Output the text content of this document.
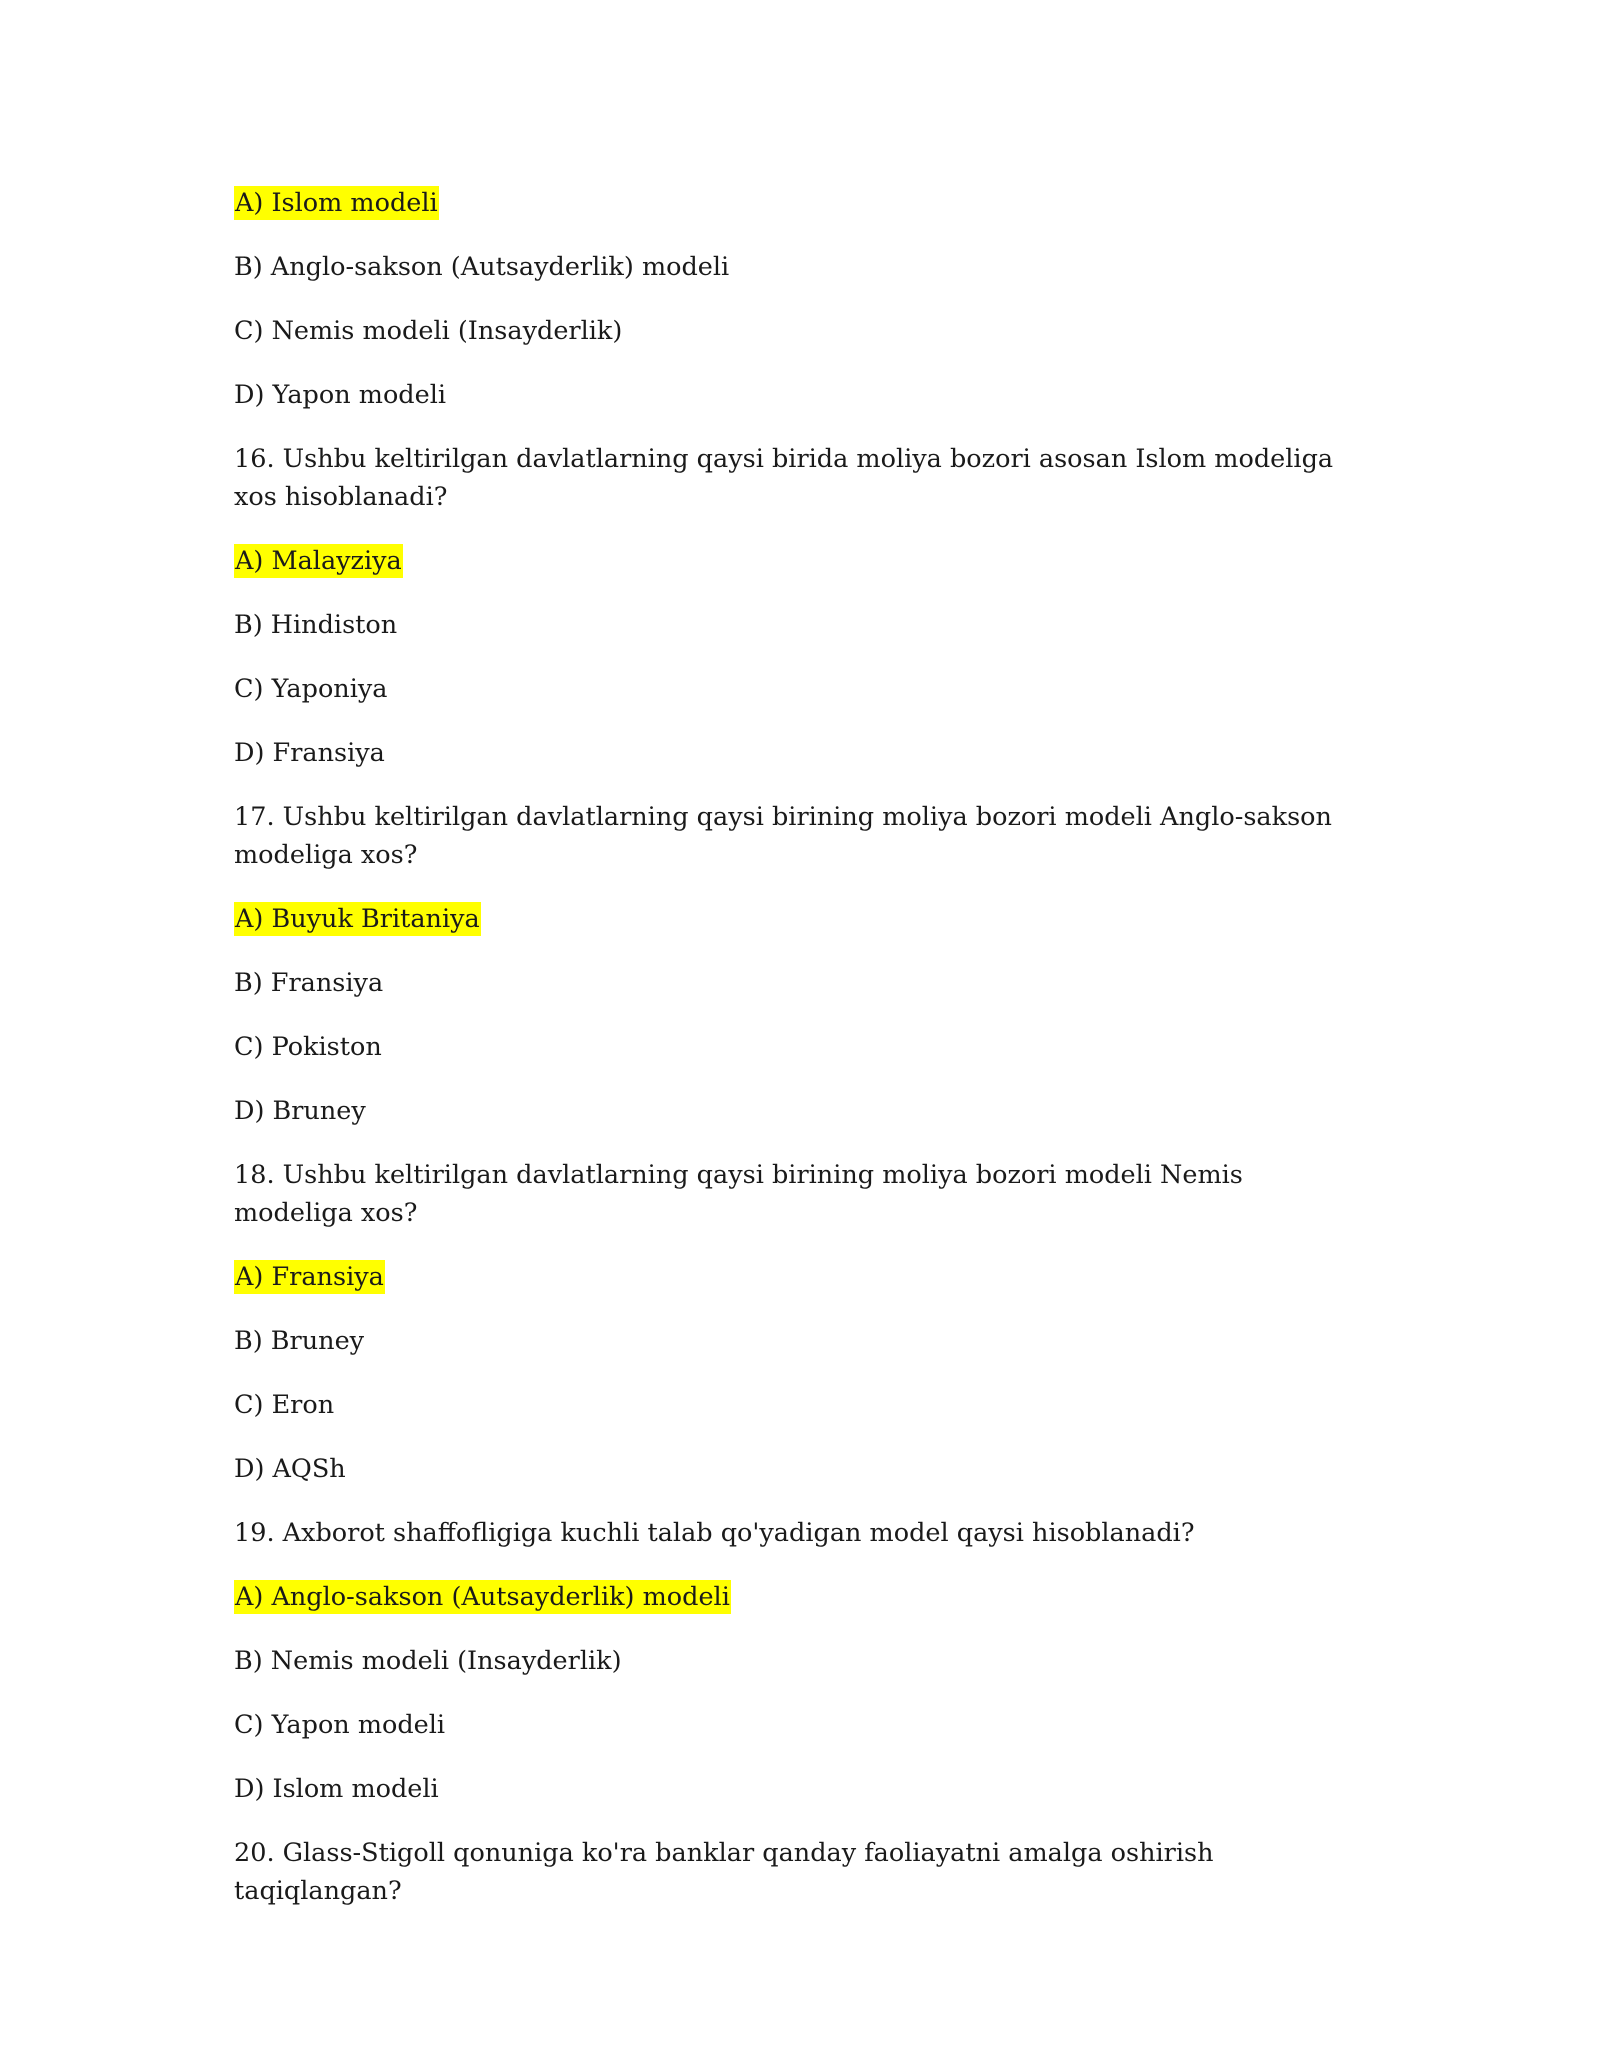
A) Islom modeli
B) Anglo-sakson (Autsayderlik) modeli
C) Nemis modeli (Insayderlik)
D) Yapon modeli
16. Ushbu keltirilgan davlatlarning qaysi birida moliya bozori asosan Islom modeliga xos hisoblanadi?
A) Malayziya
B) Hindiston
C) Yaponiya
D) Fransiya
17. Ushbu keltirilgan davlatlarning qaysi birining moliya bozori modeli Anglo-sakson modeliga xos?
A) Buyuk Britaniya
B) Fransiya
C) Pokiston
D) Bruney
18. Ushbu keltirilgan davlatlarning qaysi birining moliya bozori modeli Nemis modeliga xos?
A) Fransiya
B) Bruney
C) Eron
D) AQSh
19. Axborot shaffofligiga kuchli talab qo'yadigan model qaysi hisoblanadi?
A) Anglo-sakson (Autsayderlik) modeli
B) Nemis modeli (Insayderlik)
C) Yapon modeli
D) Islom modeli
20. Glass-Stigoll qonuniga ko'ra banklar qanday faoliayatni amalga oshirish taqiqlangan?
